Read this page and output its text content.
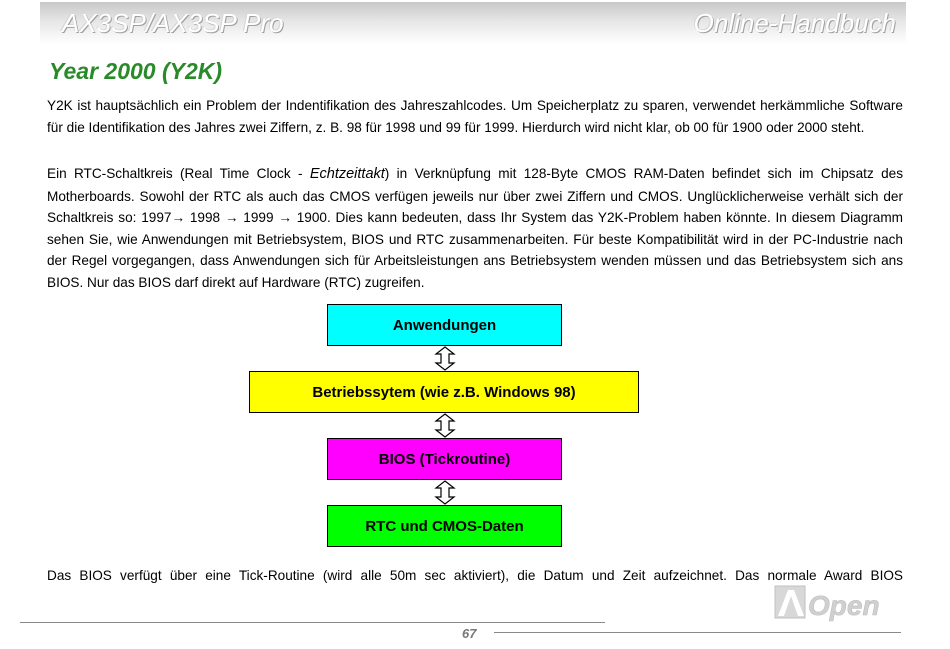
AX3SP/AX3SP Pro	Online-Handbuch
Year 2000 (Y2K)

Y2K ist hauptsächlich ein Problem der Indentifikation des Jahreszahlcodes. Um Speicherplatz zu sparen, verwendet herkämmliche Software für die Identifikation des Jahres zwei Ziffern, z. B. 98 für 1998 und 99 für 1999. Hierdurch wird nicht klar, ob 00 für 1900 oder 2000 steht.

Ein RTC-Schaltkreis (Real Time Clock - Echtzeittakt) in Verknüpfung mit 128-Byte CMOS RAM-Daten befindet sich im Chipsatz des Motherboards. Sowohl der RTC als auch das CMOS verfügen jeweils nur über zwei Ziffern und CMOS. Unglücklicherweise verhält sich der Schaltkreis so: 1997→ 1998 → 1999 → 1900. Dies kann bedeuten, dass Ihr System das Y2K-Problem haben könnte. In diesem Diagramm sehen Sie, wie Anwendungen mit Betriebsystem, BIOS und RTC zusammenarbeiten. Für beste Kompatibilität wird in der PC-Industrie nach der Regel vorgegangen, dass Anwendungen sich für Arbeitsleistungen ans Betriebsystem wenden müssen und das Betriebsystem sich ans BIOS. Nur das BIOS darf direkt auf Hardware (RTC) zugreifen.

Anwendungen
Betriebssytem (wie z.B. Windows 98)
BIOS (Tickroutine)
RTC und CMOS-Daten

Das BIOS verfügt über eine Tick-Routine (wird alle 50m sec aktiviert), die Datum und Zeit aufzeichnet. Das normale Award BIOS

Open
67
